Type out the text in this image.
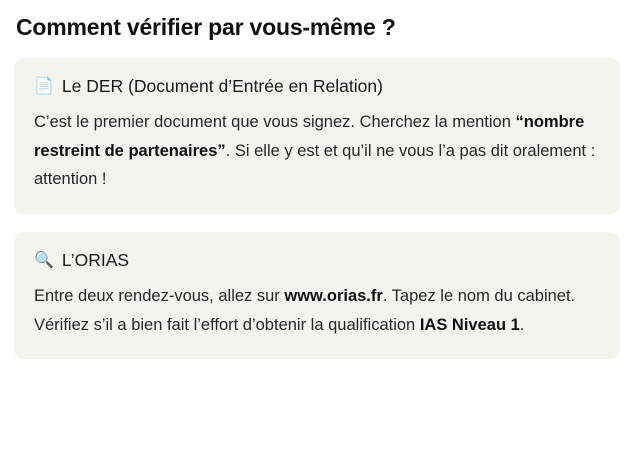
Comment vérifier par vous-même ?
📄 Le DER (Document d’Entrée en Relation)
C’est le premier document que vous signez. Cherchez la mention “nombre restreint de partenaires”. Si elle y est et qu’il ne vous l’a pas dit oralement : attention !
🔍 L’ORIAS
Entre deux rendez-vous, allez sur www.orias.fr. Tapez le nom du cabinet. Vérifiez s’il a bien fait l’effort d’obtenir la qualification IAS Niveau 1.
